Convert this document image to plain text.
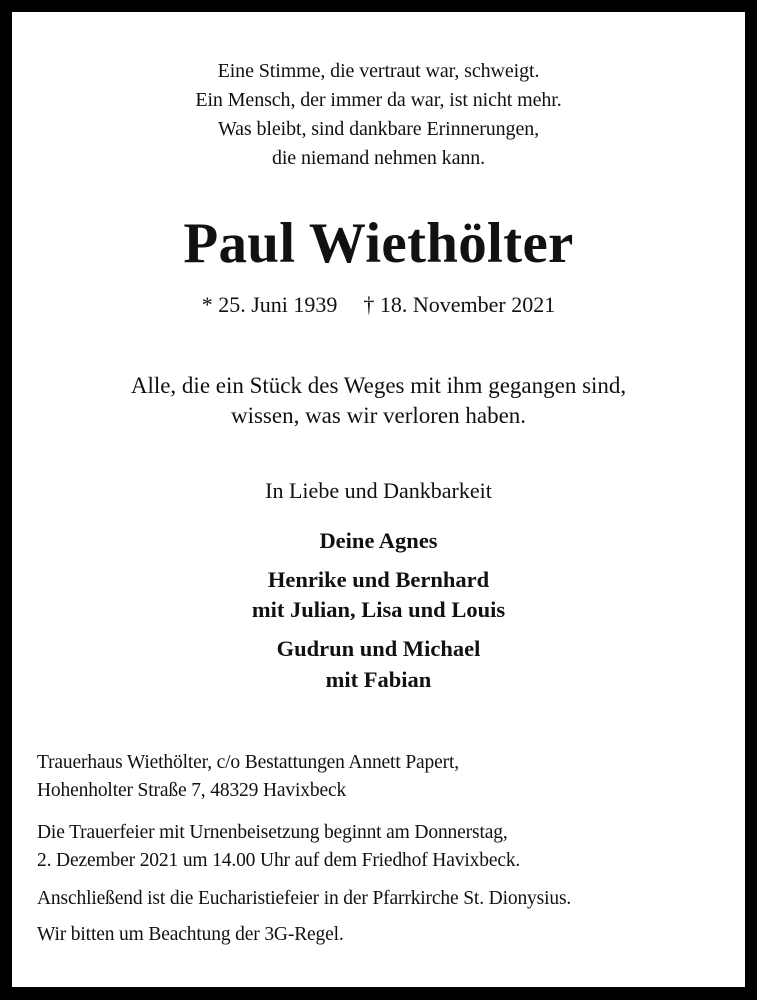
Eine Stimme, die vertraut war, schweigt.
Ein Mensch, der immer da war, ist nicht mehr.
Was bleibt, sind dankbare Erinnerungen,
die niemand nehmen kann.
Paul Wiethölter
* 25. Juni 1939 † 18. November 2021
Alle, die ein Stück des Weges mit ihm gegangen sind,
wissen, was wir verloren haben.
In Liebe und Dankbarkeit
Deine Agnes
Henrike und Bernhard
mit Julian, Lisa und Louis
Gudrun und Michael
mit Fabian
Trauerhaus Wiethölter, c/o Bestattungen Annett Papert,
Hohenholter Straße 7, 48329 Havixbeck
Die Trauerfeier mit Urnenbeisetzung beginnt am Donnerstag,
2. Dezember 2021 um 14.00 Uhr auf dem Friedhof Havixbeck.
Anschließend ist die Eucharistiefeier in der Pfarrkirche St. Dionysius.
Wir bitten um Beachtung der 3G-Regel.
